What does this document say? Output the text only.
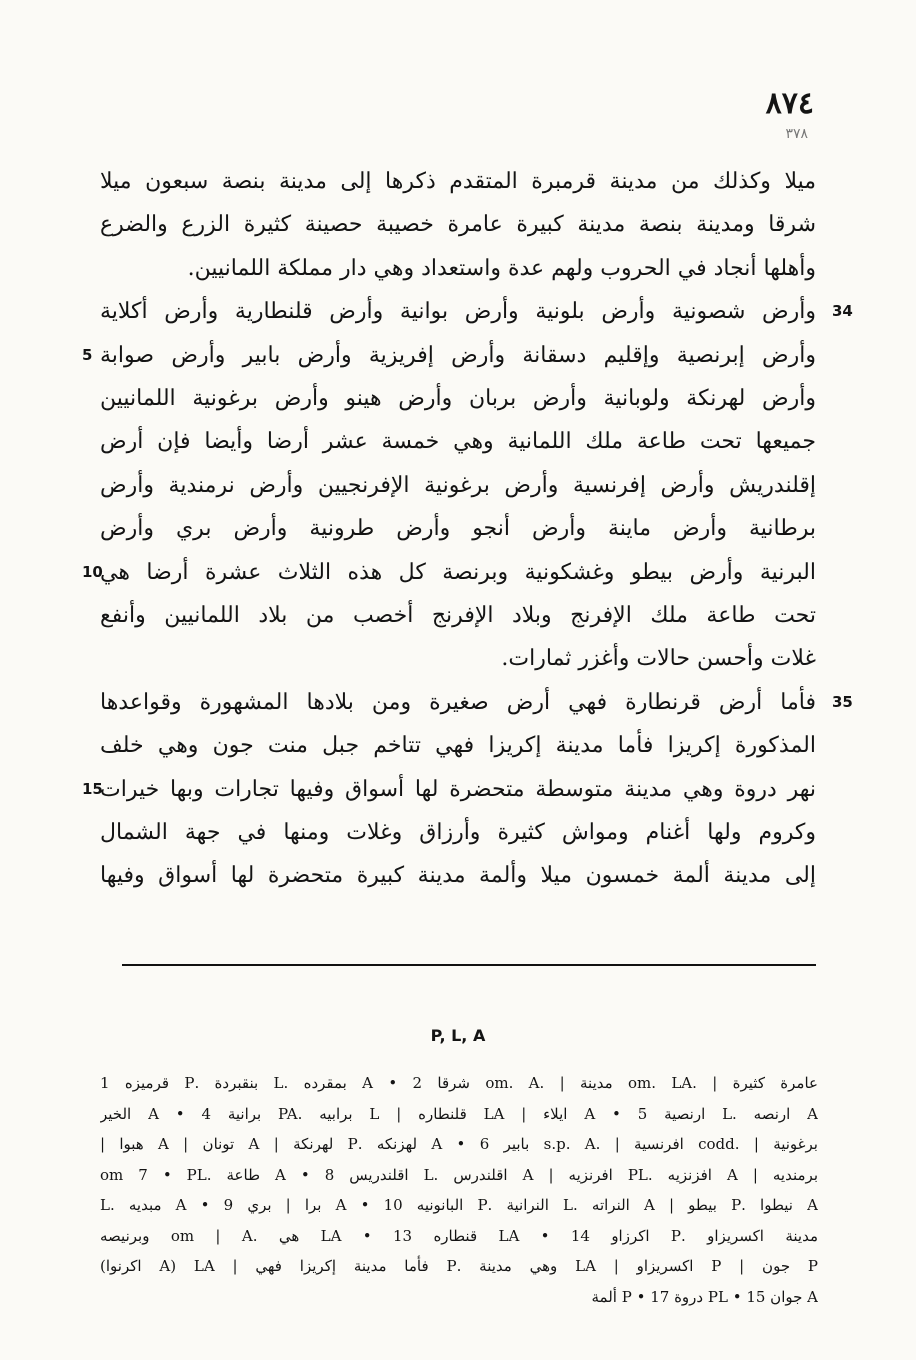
٨٧٤
٣٧٨
ميلا وكذلك من مدينة قرمبرة المتقدم ذكرها إلى مدينة بنصة سبعون ميلا
شرقا ومدينة بنصة مدينة كبيرة عامرة خصيبة حصينة كثيرة الزرع والضرع
وأهلها أنجاد في الحروب ولهم عدة واستعداد وهي دار مملكة اللمانيين.
وأرض شصونية وأرض بلونية وأرض بوانية وأرض قلنطارية وأرض أكلاية 34
وأرض إبرنصية وإقليم دسقانة وأرض إفريزية وأرض بابير وأرض صوابة
5
وأرض لهرنكة ولوبانية وأرض بربان وأرض هينو وأرض برغونية اللمانيين
جميعها تحت طاعة ملك اللمانية وهي خمسة عشر أرضا وأيضا فإن أرض
إقلندريش وأرض إفرنسية وأرض برغونية الإفرنجيين وأرض نرمندية وأرض
برطانية وأرض ماينة وأرض أنجو وأرض طرونية وأرض بري وأرض
البرنية وأرض بيطو وغشكونية وبرنصة كل هذه الثلاث عشرة أرضا هي
10
تحت طاعة ملك الإفرنج وبلاد الإفرنج أخصب من بلاد اللمانيين وأنفع
غلات وأحسن حالات وأغزر ثمارات.
فأما أرض قرنطارة فهي أرض صغيرة ومن بلادها المشهورة وقواعدها 35
المذكورة إكريزا فأما مدينة إكريزا فهي تتاخم جبل منت جون وهي خلف
نهر دروة وهي مدينة متوسطة متحضرة لها أسواق وفيها تجارات وبها خيرات
15
وكروم ولها أغنام ومواش كثيرة وأرزاق وغلات ومنها في جهة الشمال
إلى مدينة ألمة خمسون ميلا وألمة مدينة كبيرة متحضرة لها أسواق وفيها
P, L, A
عامرة كثيرة | .om. LA مدينة | .om. A شرقا 2 • A بمقرده .L بنقبردة .P قرميزه 1
A ارنصه .L ارنصية 5 • A ايلاء | LA قلنطاره | L برابيه .PA برانية 4 • A الخير
برغونية | .codd افرنسية | .s.p. A بابير 6 • A لهزنكه .P لهرنكة | A تونان | A هبوا |
برمنديه | A افزنزيه .PL افرنزيه | A اقلندرس .L اقلندريس 8 • A طاعة .om 7 • PL
A نيطوا .P بيطو | A النراته .L النرانية .P البانونيه 10 • A برا | بري 9 • A مبديه .L
مدينة اكسريزاو .P اكرزاو 14 • LA قنطاره 13 • LA هي .om | A وبرنيصه
P جون | P اكسريزاو | LA وهي مدينة .P فأما مدينة إكريزا فهي | LA (A اكرنوا)
A جوان 15 • PL دروة 17 • P ألمة
